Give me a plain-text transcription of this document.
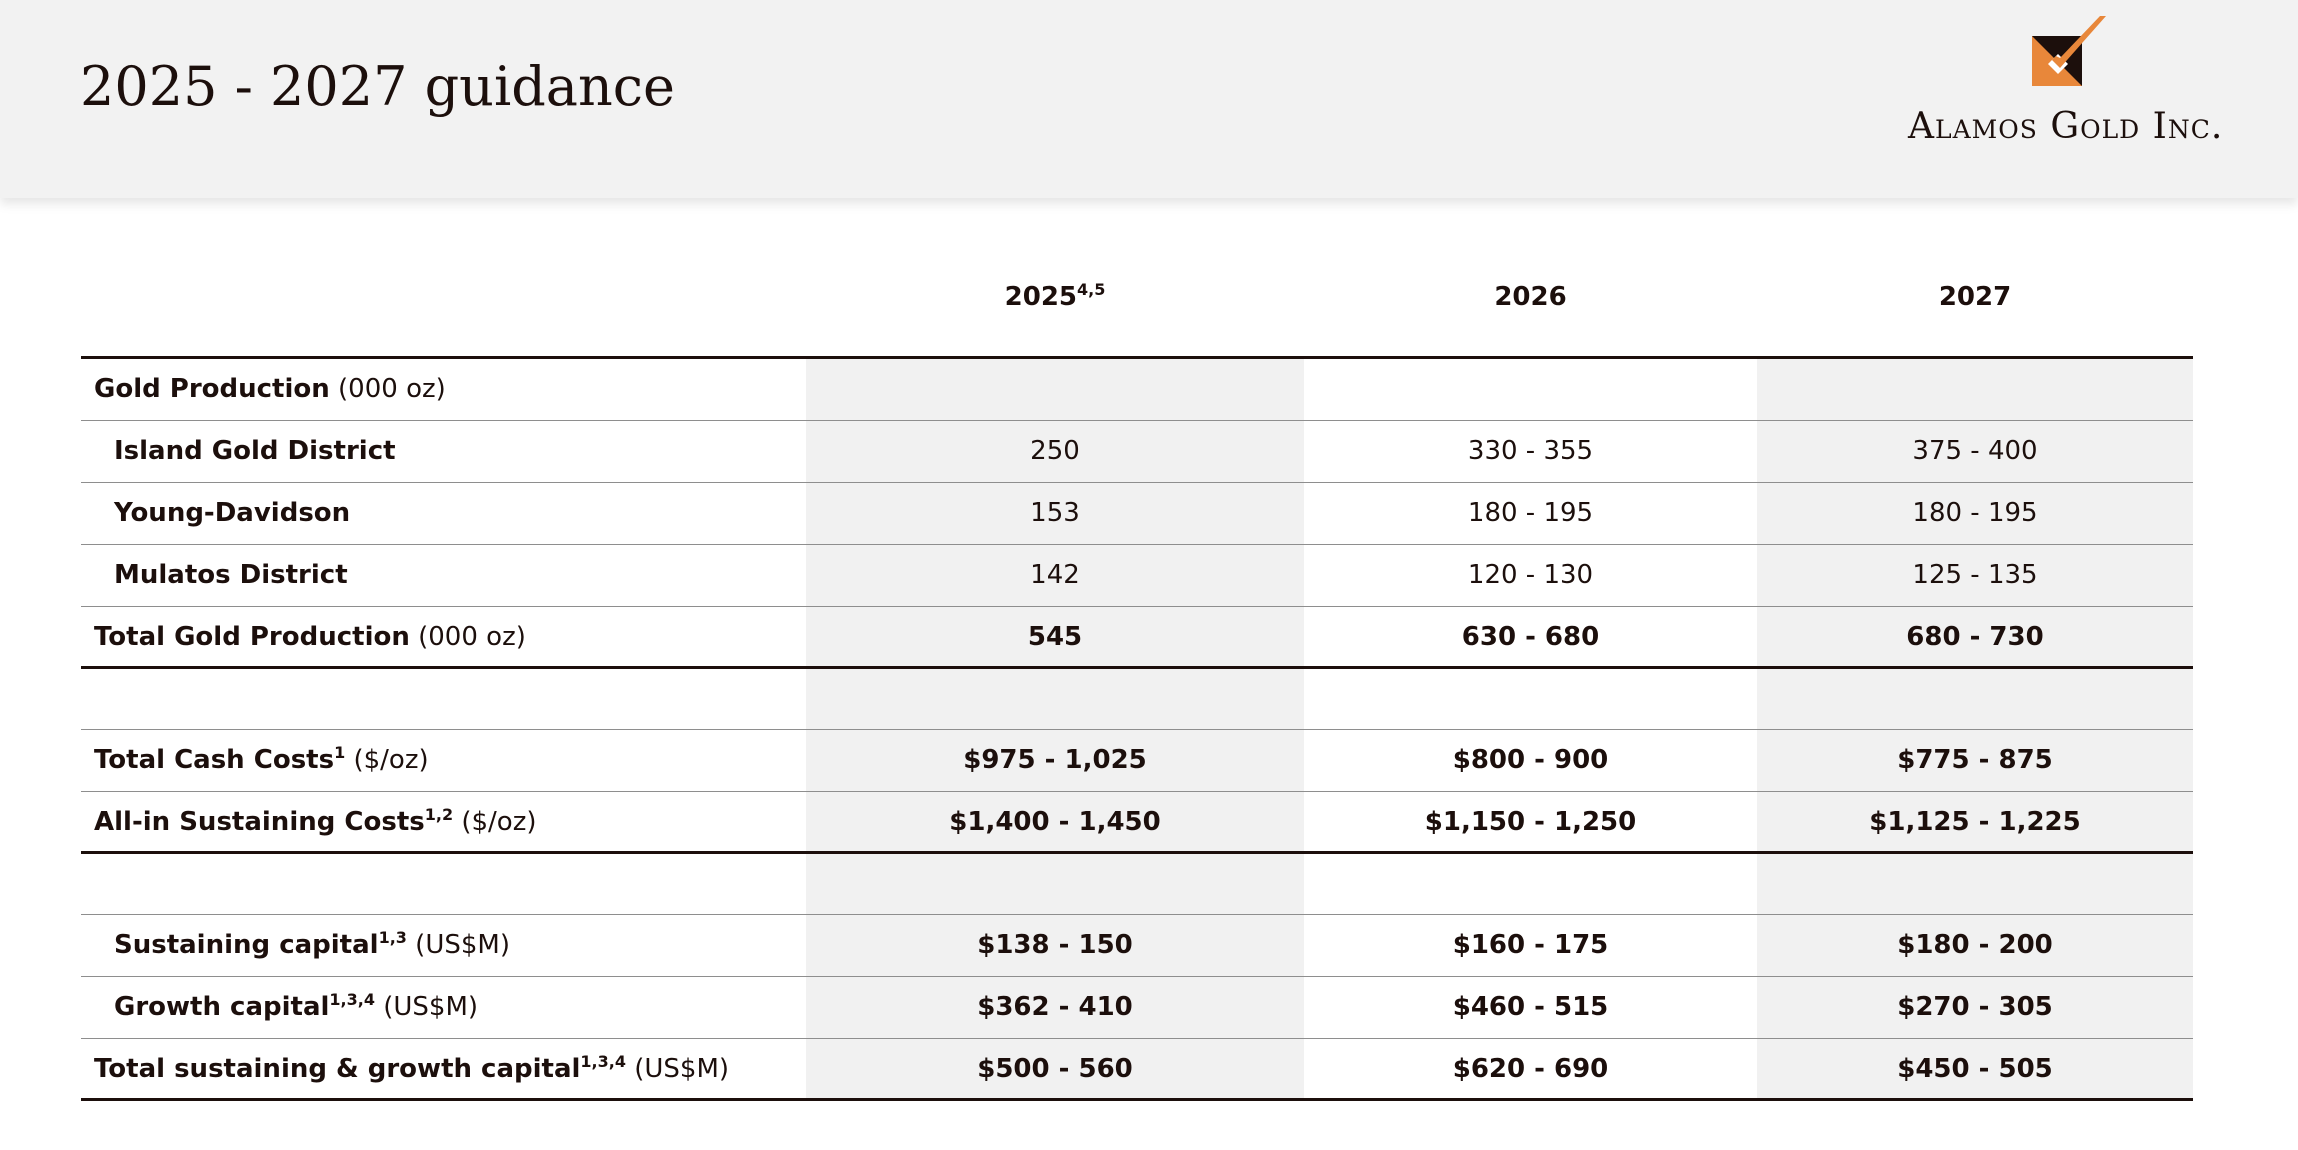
2025 - 2027 guidance
Alamos Gold Inc.
2025$^{4,5}$	2026	2027
Gold Production (000 oz)
Island Gold District	250	330 - 355	375 - 400
Young-Davidson	153	180 - 195	180 - 195
Mulatos District	142	120 - 130	125 - 135
Total Gold Production (000 oz)	545	630 - 680	680 - 730
Total Cash Costs$^1$ ($/oz)	$975 - 1,025	$800 - 900	$775 - 875
All-in Sustaining Costs$^{1,2}$ ($/oz)	$1,400 - 1,450	$1,150 - 1,250	$1,125 - 1,225
Sustaining capital$^{1,3}$ (US$M)	$138 - 150	$160 - 175	$180 - 200
Growth capital$^{1,3,4}$ (US$M)	$362 - 410	$460 - 515	$270 - 305
Total sustaining & growth capital$^{1,3,4}$ (US$M)	$500 - 560	$620 - 690	$450 - 505
